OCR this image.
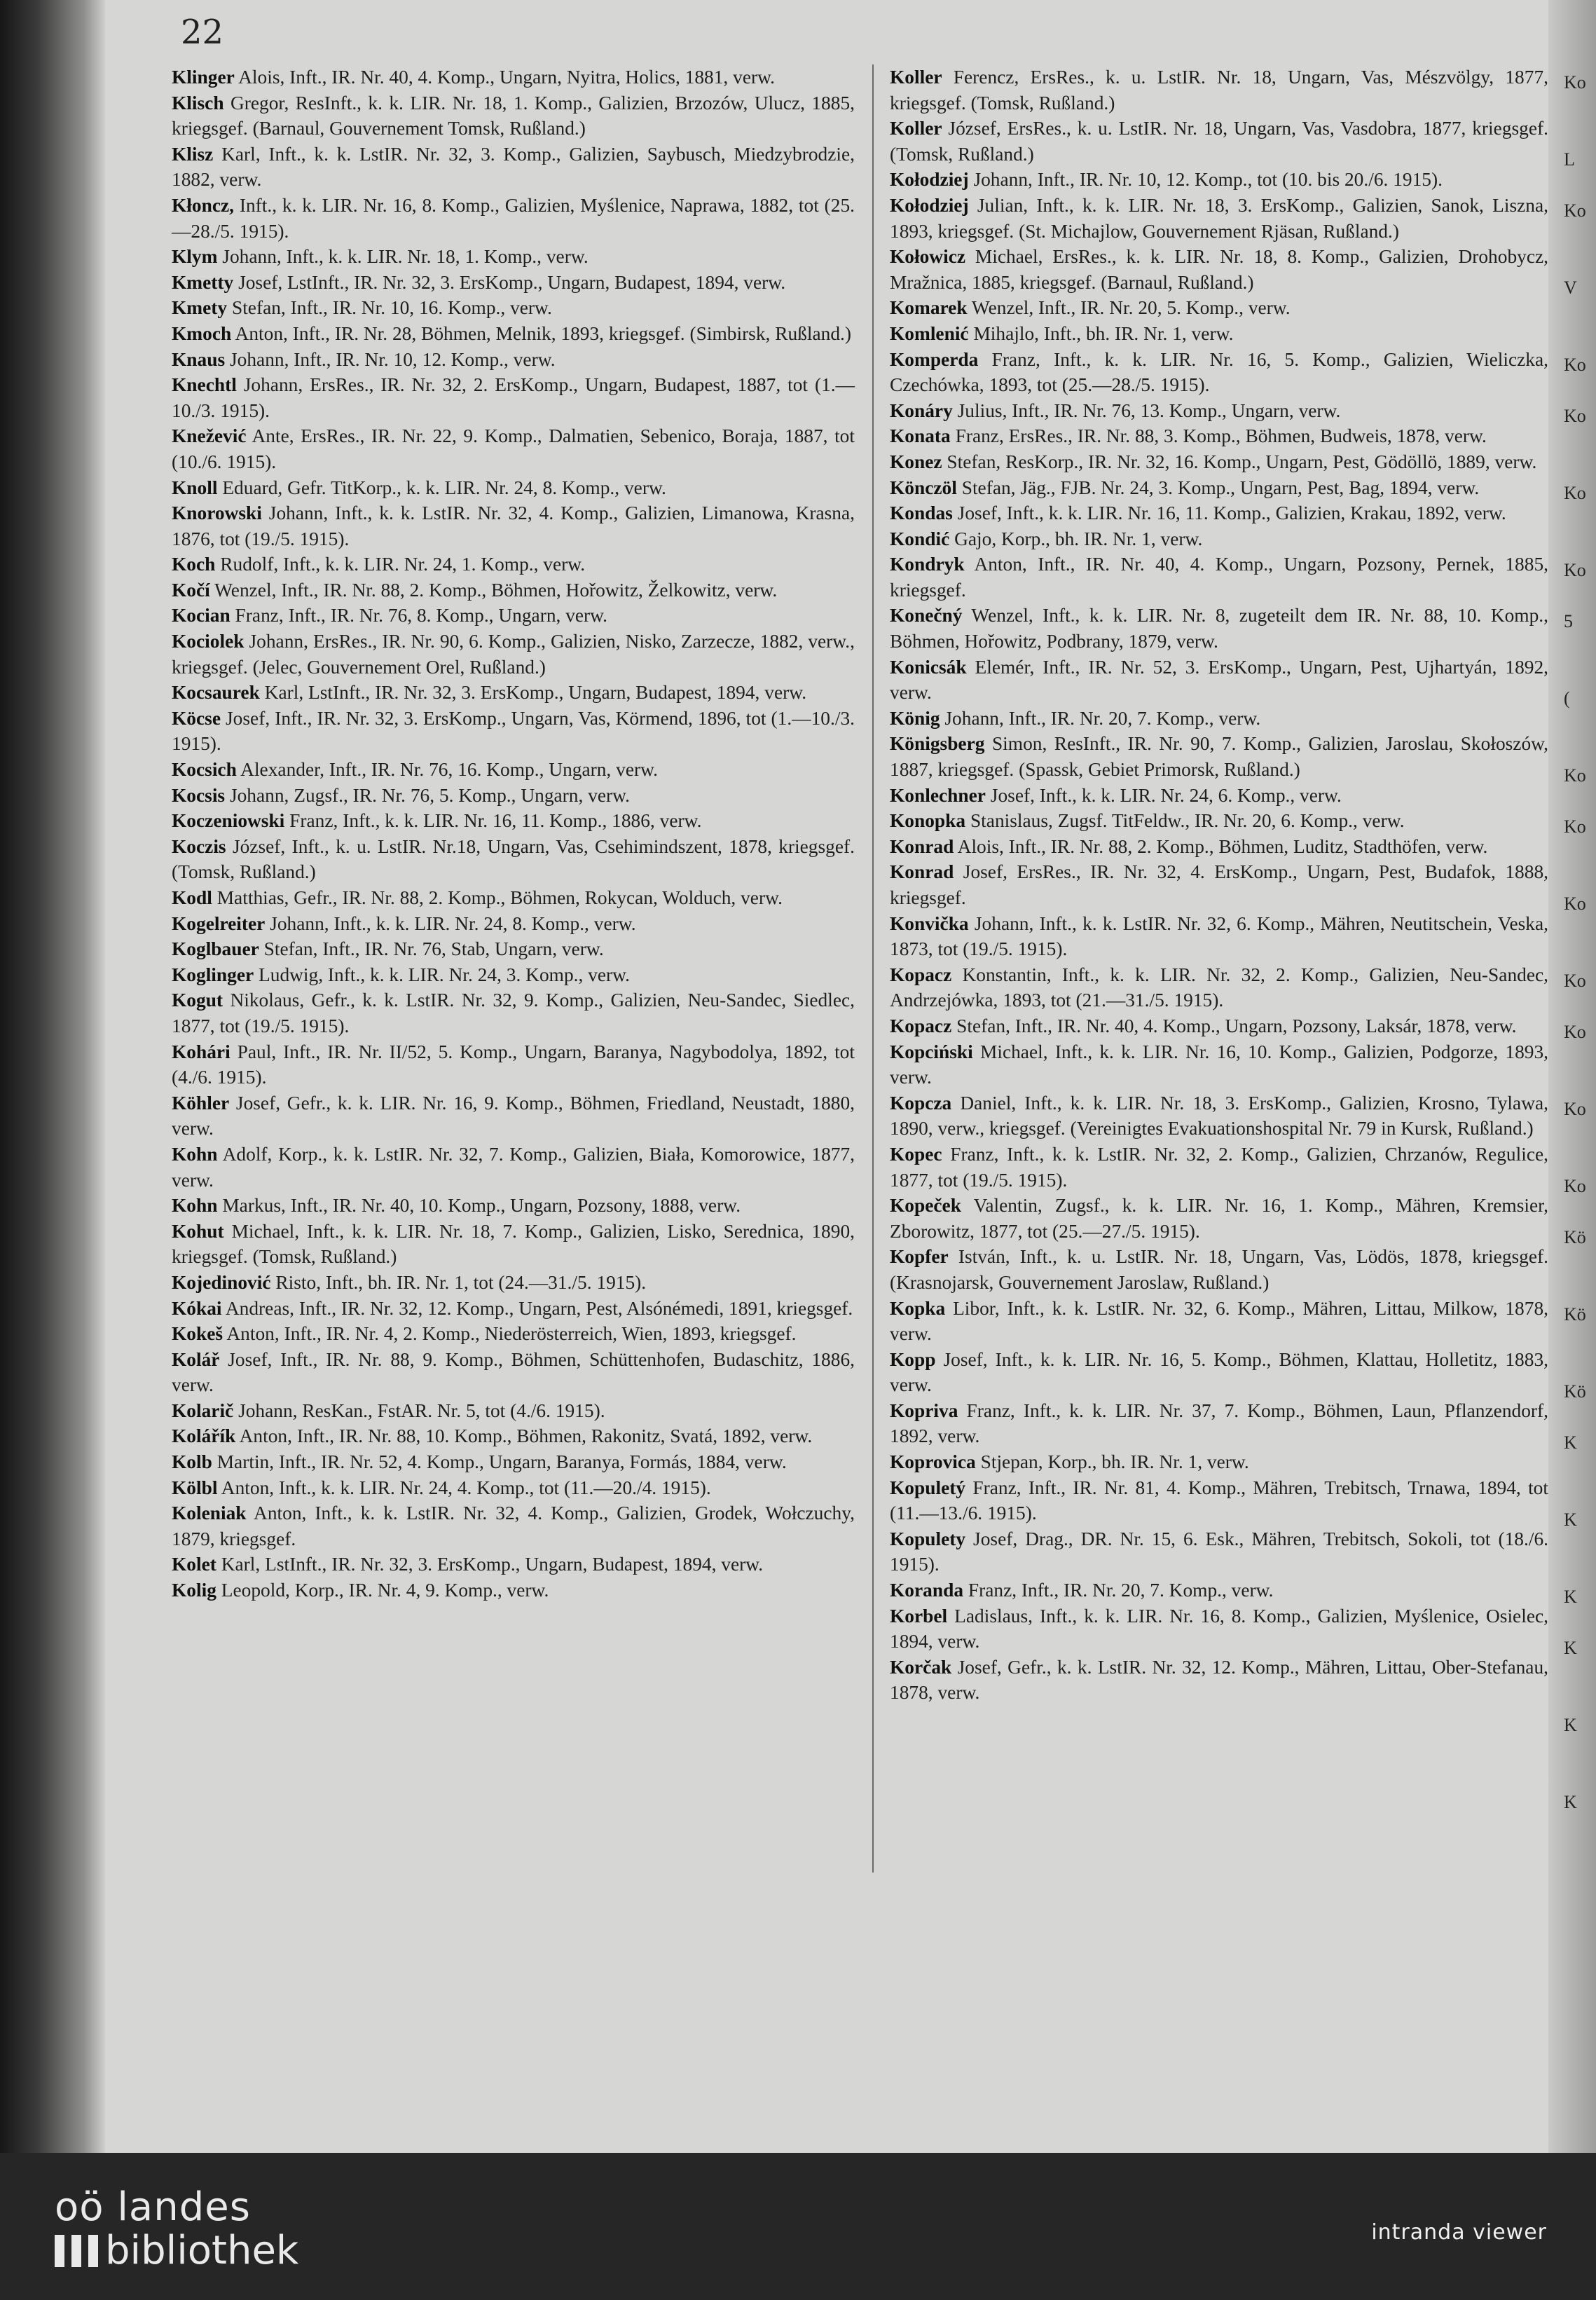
22

Klinger Alois, Inft., IR. Nr. 40, 4. Komp., Ungarn, Nyitra, Holics, 1881, verw.

Klisch Gregor, ResInft., k. k. LIR. Nr. 18, 1. Komp., Galizien, Brzozów, Ulucz, 1885, kriegsgef. (Barnaul, Gouvernement Tomsk, Rußland.)

Klisz Karl, Inft., k. k. LstIR. Nr. 32, 3. Komp., Galizien, Saybusch, Miedzybrodzie, 1882, verw.

Kłoncz, Inft., k. k. LIR. Nr. 16, 8. Komp., Galizien, Myślenice, Naprawa, 1882, tot (25.—28./5. 1915).

Klym Johann, Inft., k. k. LIR. Nr. 18, 1. Komp., verw.

Kmetty Josef, LstInft., IR. Nr. 32, 3. ErsKomp., Ungarn, Budapest, 1894, verw.

Kmety Stefan, Inft., IR. Nr. 10, 16. Komp., verw.

Kmoch Anton, Inft., IR. Nr. 28, Böhmen, Melnik, 1893, kriegsgef. (Simbirsk, Rußland.)

Knaus Johann, Inft., IR. Nr. 10, 12. Komp., verw.

Knechtl Johann, ErsRes., IR. Nr. 32, 2. ErsKomp., Ungarn, Budapest, 1887, tot (1.—10./3. 1915).

Knežević Ante, ErsRes., IR. Nr. 22, 9. Komp., Dalmatien, Sebenico, Boraja, 1887, tot (10./6. 1915).

Knoll Eduard, Gefr. TitKorp., k. k. LIR. Nr. 24, 8. Komp., verw.

Knorowski Johann, Inft., k. k. LstIR. Nr. 32, 4. Komp., Galizien, Limanowa, Krasna, 1876, tot (19./5. 1915).

Koch Rudolf, Inft., k. k. LIR. Nr. 24, 1. Komp., verw.

Kočí Wenzel, Inft., IR. Nr. 88, 2. Komp., Böhmen, Hořowitz, Želkowitz, verw.

Kocian Franz, Inft., IR. Nr. 76, 8. Komp., Ungarn, verw.

Kociolek Johann, ErsRes., IR. Nr. 90, 6. Komp., Galizien, Nisko, Zarzecze, 1882, verw., kriegsgef. (Jelec, Gouvernement Orel, Rußland.)

Kocsaurek Karl, LstInft., IR. Nr. 32, 3. ErsKomp., Ungarn, Budapest, 1894, verw.

Köcse Josef, Inft., IR. Nr. 32, 3. ErsKomp., Ungarn, Vas, Körmend, 1896, tot (1.—10./3. 1915).

Kocsich Alexander, Inft., IR. Nr. 76, 16. Komp., Ungarn, verw.

Kocsis Johann, Zugsf., IR. Nr. 76, 5. Komp., Ungarn, verw.

Koczeniowski Franz, Inft., k. k. LIR. Nr. 16, 11. Komp., 1886, verw.

Koczis József, Inft., k. u. LstIR. Nr.18, Ungarn, Vas, Csehimindszent, 1878, kriegsgef. (Tomsk, Rußland.)

Kodl Matthias, Gefr., IR. Nr. 88, 2. Komp., Böhmen, Rokycan, Wolduch, verw.

Kogelreiter Johann, Inft., k. k. LIR. Nr. 24, 8. Komp., verw.

Koglbauer Stefan, Inft., IR. Nr. 76, Stab, Ungarn, verw.

Koglinger Ludwig, Inft., k. k. LIR. Nr. 24, 3. Komp., verw.

Kogut Nikolaus, Gefr., k. k. LstIR. Nr. 32, 9. Komp., Galizien, Neu-Sandec, Siedlec, 1877, tot (19./5. 1915).

Kohári Paul, Inft., IR. Nr. II/52, 5. Komp., Ungarn, Baranya, Nagybodolya, 1892, tot (4./6. 1915).

Köhler Josef, Gefr., k. k. LIR. Nr. 16, 9. Komp., Böhmen, Friedland, Neustadt, 1880, verw.

Kohn Adolf, Korp., k. k. LstIR. Nr. 32, 7. Komp., Galizien, Biała, Komorowice, 1877, verw.

Kohn Markus, Inft., IR. Nr. 40, 10. Komp., Ungarn, Pozsony, 1888, verw.

Kohut Michael, Inft., k. k. LIR. Nr. 18, 7. Komp., Galizien, Lisko, Serednica, 1890, kriegsgef. (Tomsk, Rußland.)

Kojedinović Risto, Inft., bh. IR. Nr. 1, tot (24.—31./5. 1915).

Kókai Andreas, Inft., IR. Nr. 32, 12. Komp., Ungarn, Pest, Alsónémedi, 1891, kriegsgef.

Kokeš Anton, Inft., IR. Nr. 4, 2. Komp., Niederösterreich, Wien, 1893, kriegsgef.

Kolář Josef, Inft., IR. Nr. 88, 9. Komp., Böhmen, Schüttenhofen, Budaschitz, 1886, verw.

Kolarič Johann, ResKan., FstAR. Nr. 5, tot (4./6. 1915).

Kolářík Anton, Inft., IR. Nr. 88, 10. Komp., Böhmen, Rakonitz, Svatá, 1892, verw.

Kolb Martin, Inft., IR. Nr. 52, 4. Komp., Ungarn, Baranya, Formás, 1884, verw.

Kölbl Anton, Inft., k. k. LIR. Nr. 24, 4. Komp., tot (11.—20./4. 1915).

Koleniak Anton, Inft., k. k. LstIR. Nr. 32, 4. Komp., Galizien, Grodek, Wołczuchy, 1879, kriegsgef.

Kolet Karl, LstInft., IR. Nr. 32, 3. ErsKomp., Ungarn, Budapest, 1894, verw.

Kolig Leopold, Korp., IR. Nr. 4, 9. Komp., verw.

Koller Ferencz, ErsRes., k. u. LstIR. Nr. 18, Ungarn, Vas, Mészvölgy, 1877, kriegsgef. (Tomsk, Rußland.)

Koller József, ErsRes., k. u. LstIR. Nr. 18, Ungarn, Vas, Vasdobra, 1877, kriegsgef. (Tomsk, Rußland.)

Kołodziej Johann, Inft., IR. Nr. 10, 12. Komp., tot (10. bis 20./6. 1915).

Kołodziej Julian, Inft., k. k. LIR. Nr. 18, 3. ErsKomp., Galizien, Sanok, Liszna, 1893, kriegsgef. (St. Michajlow, Gouvernement Rjäsan, Rußland.)

Kołowicz Michael, ErsRes., k. k. LIR. Nr. 18, 8. Komp., Galizien, Drohobycz, Mražnica, 1885, kriegsgef. (Barnaul, Rußland.)

Komarek Wenzel, Inft., IR. Nr. 20, 5. Komp., verw.

Komlenić Mihajlo, Inft., bh. IR. Nr. 1, verw.

Komperda Franz, Inft., k. k. LIR. Nr. 16, 5. Komp., Galizien, Wieliczka, Czechówka, 1893, tot (25.—28./5. 1915).

Konáry Julius, Inft., IR. Nr. 76, 13. Komp., Ungarn, verw.

Konata Franz, ErsRes., IR. Nr. 88, 3. Komp., Böhmen, Budweis, 1878, verw.

Konez Stefan, ResKorp., IR. Nr. 32, 16. Komp., Ungarn, Pest, Gödöllö, 1889, verw.

Könczöl Stefan, Jäg., FJB. Nr. 24, 3. Komp., Ungarn, Pest, Bag, 1894, verw.

Kondas Josef, Inft., k. k. LIR. Nr. 16, 11. Komp., Galizien, Krakau, 1892, verw.

Kondić Gajo, Korp., bh. IR. Nr. 1, verw.

Kondryk Anton, Inft., IR. Nr. 40, 4. Komp., Ungarn, Pozsony, Pernek, 1885, kriegsgef.

Konečný Wenzel, Inft., k. k. LIR. Nr. 8, zugeteilt dem IR. Nr. 88, 10. Komp., Böhmen, Hořowitz, Podbrany, 1879, verw.

Konicsák Elemér, Inft., IR. Nr. 52, 3. ErsKomp., Ungarn, Pest, Ujhartyán, 1892, verw.

König Johann, Inft., IR. Nr. 20, 7. Komp., verw.

Königsberg Simon, ResInft., IR. Nr. 90, 7. Komp., Galizien, Jaroslau, Skołoszów, 1887, kriegsgef. (Spassk, Gebiet Primorsk, Rußland.)

Konlechner Josef, Inft., k. k. LIR. Nr. 24, 6. Komp., verw.

Konopka Stanislaus, Zugsf. TitFeldw., IR. Nr. 20, 6. Komp., verw.

Konrad Alois, Inft., IR. Nr. 88, 2. Komp., Böhmen, Luditz, Stadthöfen, verw.

Konrad Josef, ErsRes., IR. Nr. 32, 4. ErsKomp., Ungarn, Pest, Budafok, 1888, kriegsgef.

Konvička Johann, Inft., k. k. LstIR. Nr. 32, 6. Komp., Mähren, Neutitschein, Veska, 1873, tot (19./5. 1915).

Kopacz Konstantin, Inft., k. k. LIR. Nr. 32, 2. Komp., Galizien, Neu-Sandec, Andrzejówka, 1893, tot (21.—31./5. 1915).

Kopacz Stefan, Inft., IR. Nr. 40, 4. Komp., Ungarn, Pozsony, Laksár, 1878, verw.

Kopciński Michael, Inft., k. k. LIR. Nr. 16, 10. Komp., Galizien, Podgorze, 1893, verw.

Kopcza Daniel, Inft., k. k. LIR. Nr. 18, 3. ErsKomp., Galizien, Krosno, Tylawa, 1890, verw., kriegsgef. (Vereinigtes Evakuationshospital Nr. 79 in Kursk, Rußland.)

Kopec Franz, Inft., k. k. LstIR. Nr. 32, 2. Komp., Galizien, Chrzanów, Regulice, 1877, tot (19./5. 1915).

Kopeček Valentin, Zugsf., k. k. LIR. Nr. 16, 1. Komp., Mähren, Kremsier, Zborowitz, 1877, tot (25.—27./5. 1915).

Kopfer István, Inft., k. u. LstIR. Nr. 18, Ungarn, Vas, Lödös, 1878, kriegsgef. (Krasnojarsk, Gouvernement Jaroslaw, Rußland.)

Kopka Libor, Inft., k. k. LstIR. Nr. 32, 6. Komp., Mähren, Littau, Milkow, 1878, verw.

Kopp Josef, Inft., k. k. LIR. Nr. 16, 5. Komp., Böhmen, Klattau, Holletitz, 1883, verw.

Kopriva Franz, Inft., k. k. LIR. Nr. 37, 7. Komp., Böhmen, Laun, Pflanzendorf, 1892, verw.

Koprovica Stjepan, Korp., bh. IR. Nr. 1, verw.

Kopuletý Franz, Inft., IR. Nr. 81, 4. Komp., Mähren, Trebitsch, Trnawa, 1894, tot (11.—13./6. 1915).

Kopulety Josef, Drag., DR. Nr. 15, 6. Esk., Mähren, Trebitsch, Sokoli, tot (18./6. 1915).

Koranda Franz, Inft., IR. Nr. 20, 7. Komp., verw.

Korbel Ladislaus, Inft., k. k. LIR. Nr. 16, 8. Komp., Galizien, Myślenice, Osielec, 1894, verw.

Korčak Josef, Gefr., k. k. LstIR. Nr. 32, 12. Komp., Mähren, Littau, Ober-Stefanau, 1878, verw.

Ko
L
Ko
V
Ko
Ko
Ko
Ko
5
(
Ko
Ko
Ko
Ko
Ko
Ko
Ko
Kö
Kö
Kö
K
K
K
K
K
K
oö landes
bibliothek	intranda viewer
